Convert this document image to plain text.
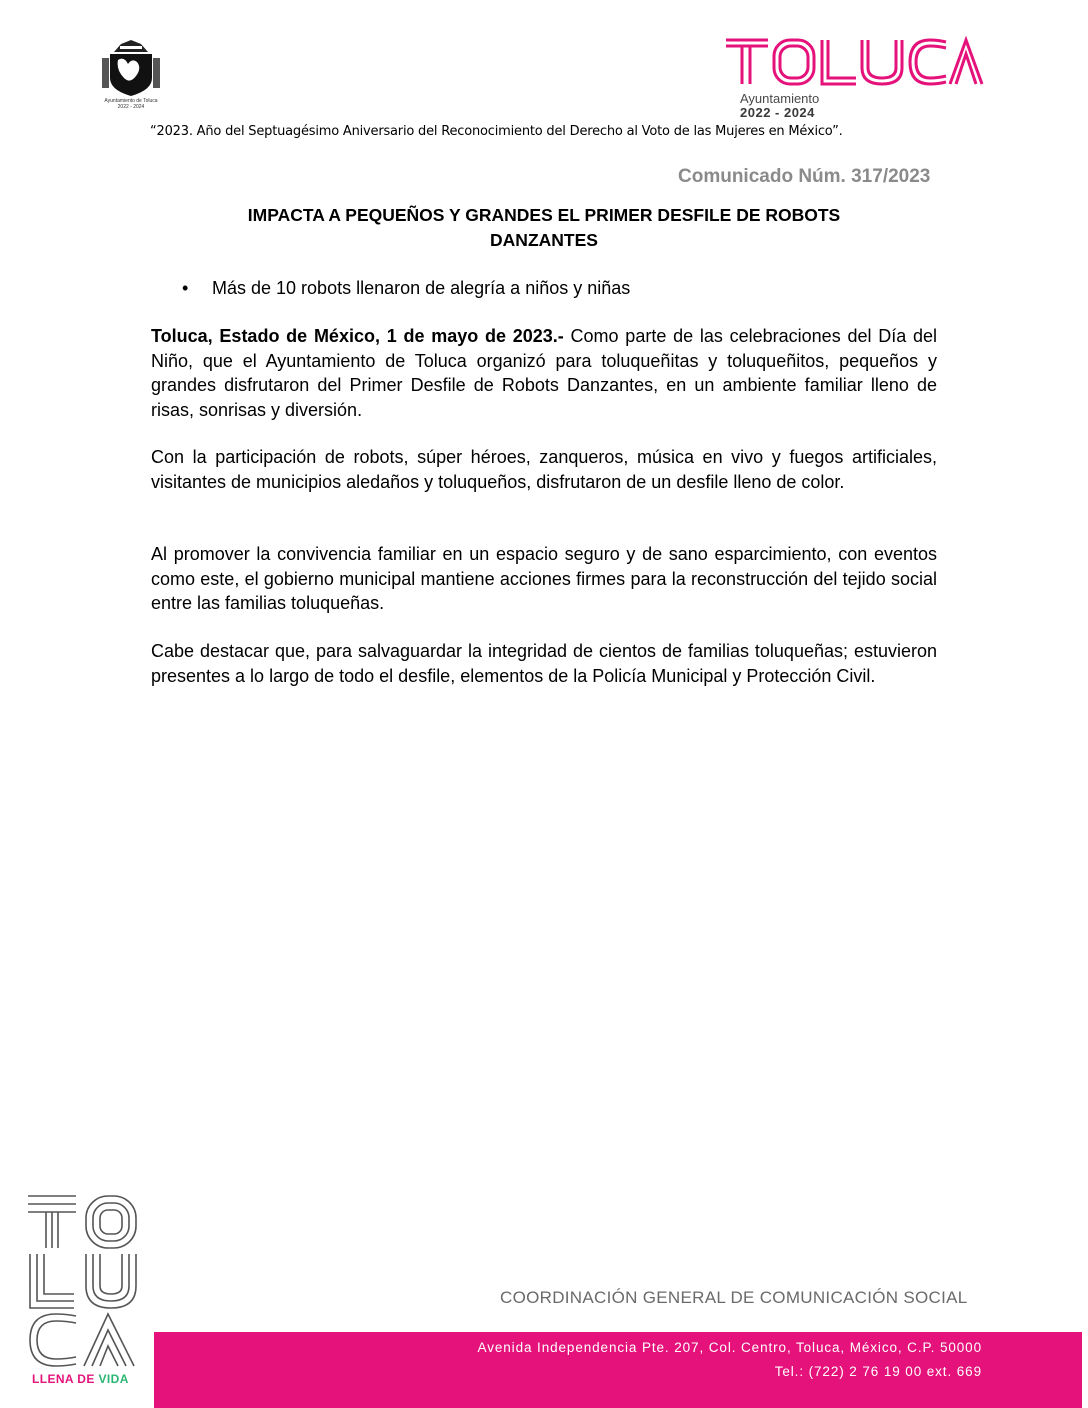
Ayuntamiento de Toluca
2022 - 2024
Ayuntamiento
2022 - 2024
“2023. Año del Septuagésimo Aniversario del Reconocimiento del Derecho al Voto de las Mujeres en México”.
Comunicado Núm. 317/2023
IMPACTA A PEQUEÑOS Y GRANDES EL PRIMER DESFILE DE ROBOTS
DANZANTES
• Más de 10 robots llenaron de alegría a niños y niñas
Toluca, Estado de México, 1 de mayo de 2023.- Como parte de las celebraciones del Día del Niño, que el Ayuntamiento de Toluca organizó para toluqueñitas y toluqueñitos, pequeños y grandes disfrutaron del Primer Desfile de Robots Danzantes, en un ambiente familiar lleno de risas, sonrisas y diversión.
Con la participación de robots, súper héroes, zanqueros, música en vivo y fuegos artificiales, visitantes de municipios aledaños y toluqueños, disfrutaron de un desfile lleno de color.
Al promover la convivencia familiar en un espacio seguro y de sano esparcimiento, con eventos como este, el gobierno municipal mantiene acciones firmes para la reconstrucción del tejido social entre las familias toluqueñas.
Cabe destacar que, para salvaguardar la integridad de cientos de familias toluqueñas; estuvieron presentes a lo largo de todo el desfile, elementos de la Policía Municipal y Protección Civil.
LLENA DE VIDA
COORDINACIÓN GENERAL DE COMUNICACIÓN SOCIAL
Avenida Independencia Pte. 207, Col. Centro, Toluca, México, C.P. 50000
Tel.: (722) 2 76 19 00 ext. 669
